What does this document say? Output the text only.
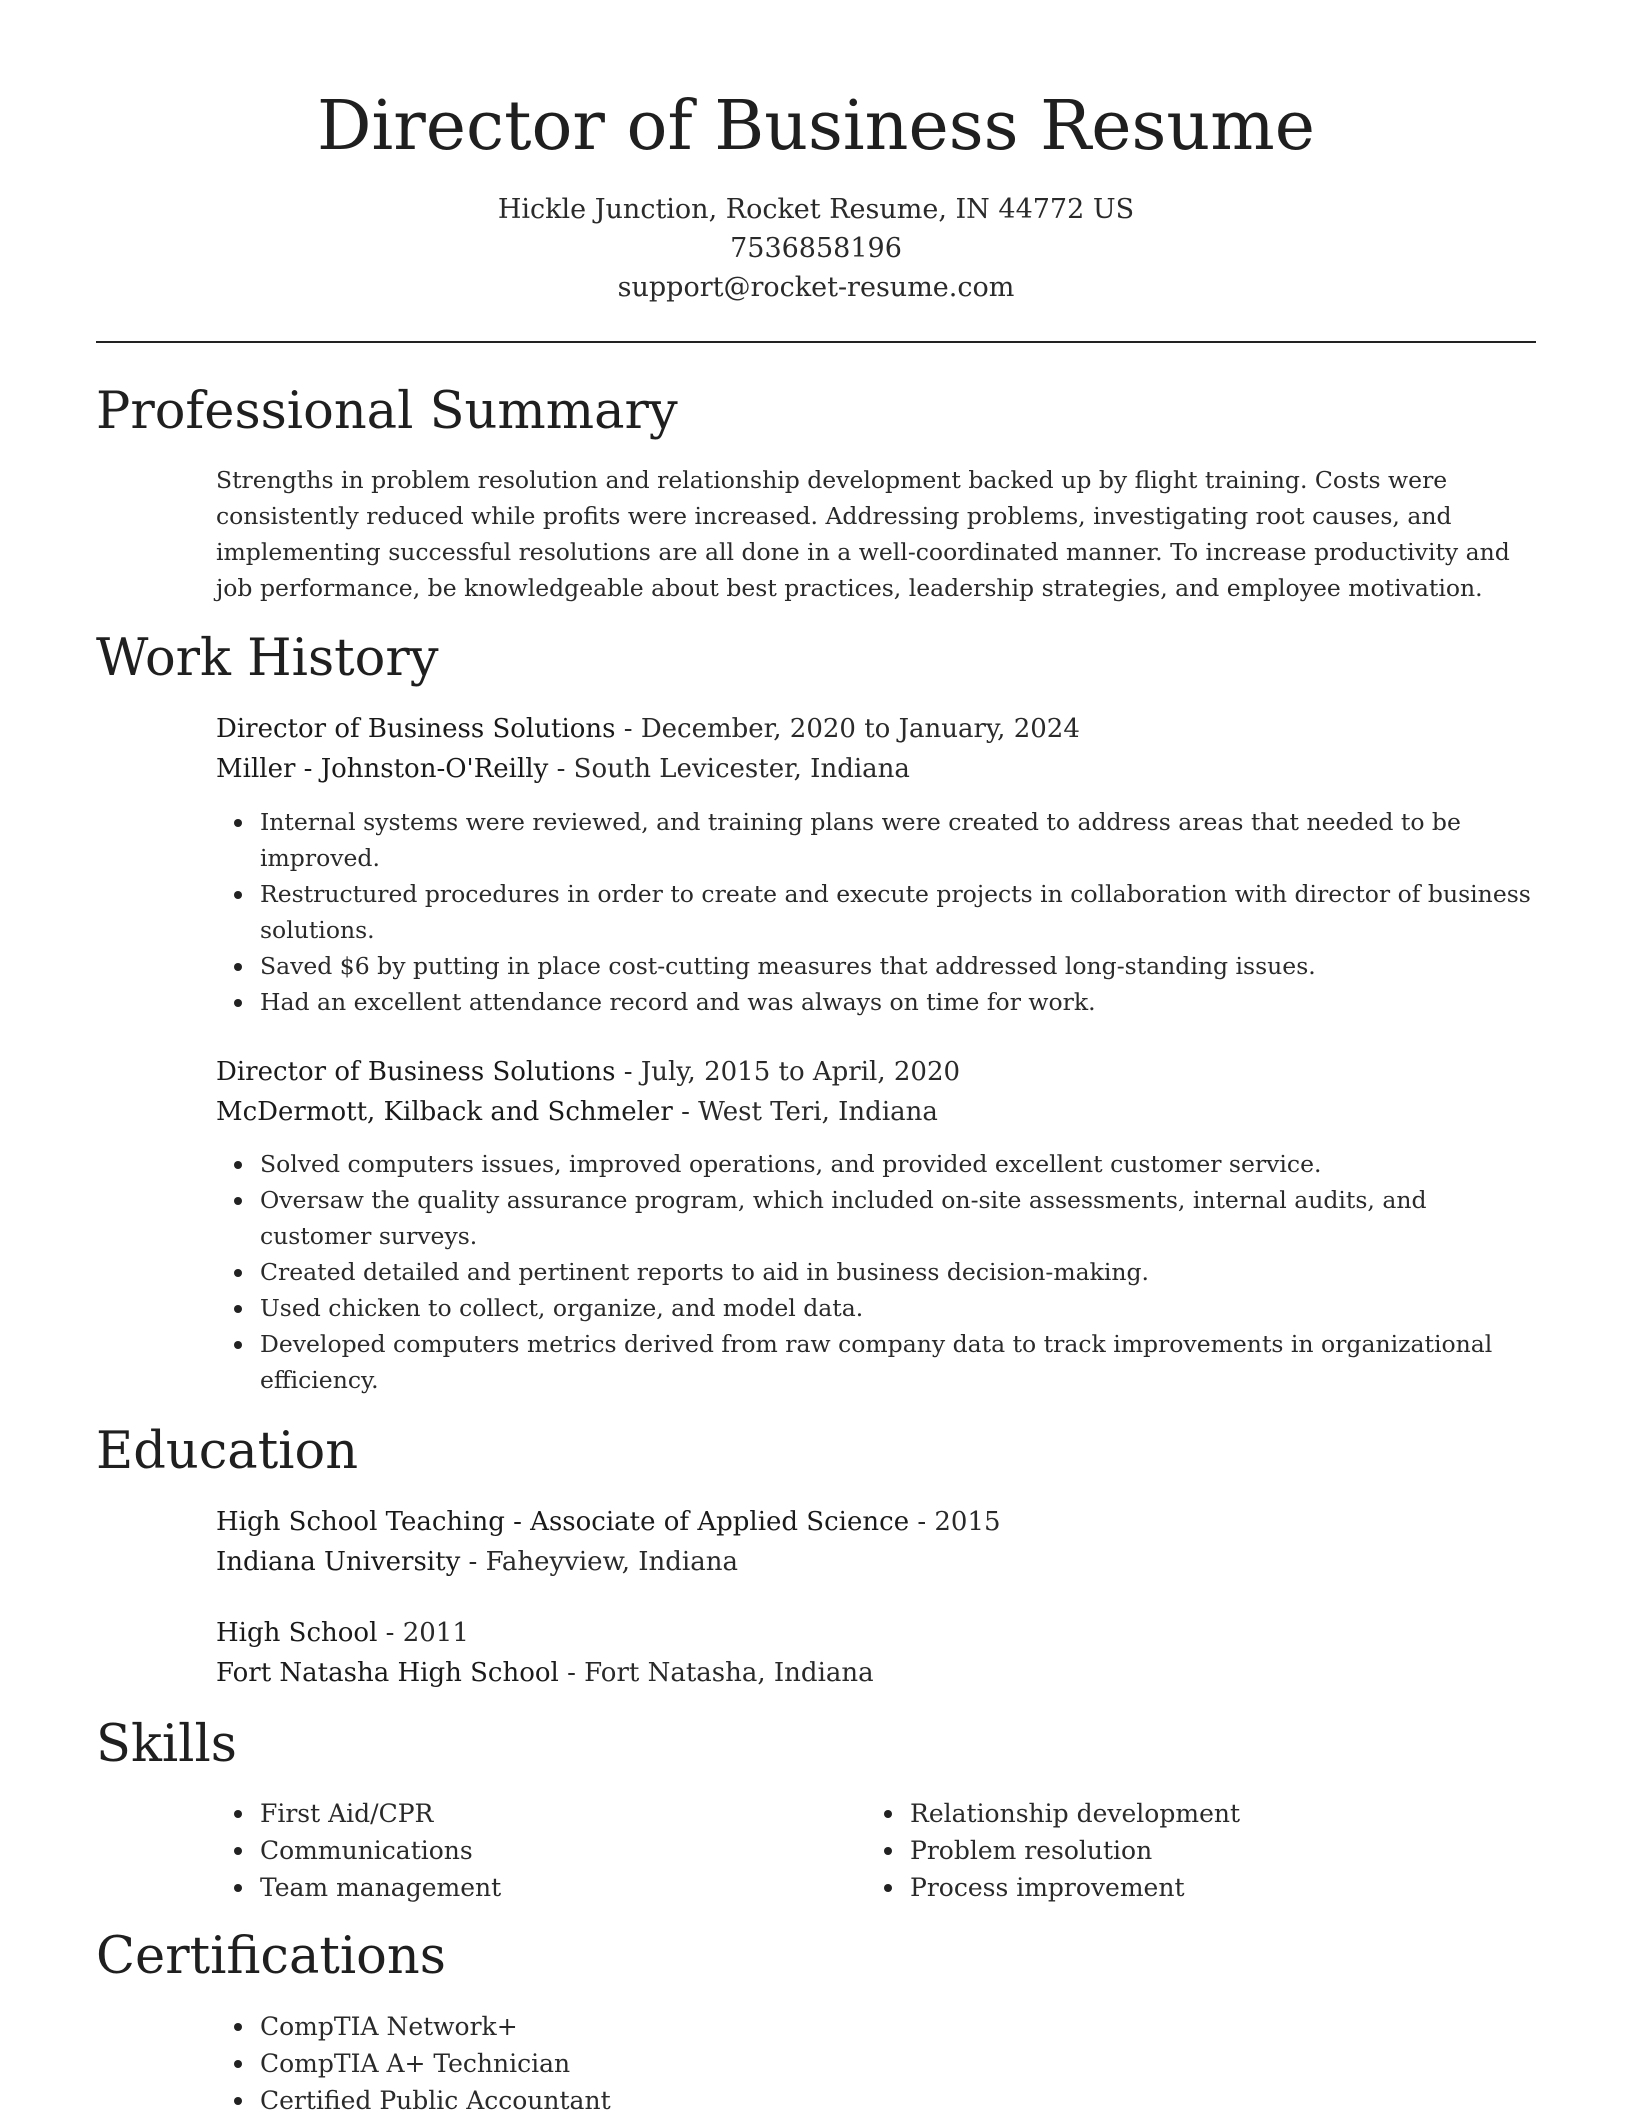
Director of Business Resume
Hickle Junction, Rocket Resume, IN 44772 US
7536858196
support@rocket-resume.com
Professional Summary

Strengths in problem resolution and relationship development backed up by flight training. Costs were consistently reduced while profits were increased. Addressing problems, investigating root causes, and implementing successful resolutions are all done in a well-coordinated manner. To increase productivity and job performance, be knowledgeable about best practices, leadership strategies, and employee motivation.

Work History
Director of Business Solutions - December, 2020 to January, 2024
Miller - Johnston-O'Reilly - South Levicester, Indiana
Internal systems were reviewed, and training plans were created to address areas that needed to be improved.
Restructured procedures in order to create and execute projects in collaboration with director of business solutions.
Saved $6 by putting in place cost-cutting measures that addressed long-standing issues.
Had an excellent attendance record and was always on time for work.
Director of Business Solutions - July, 2015 to April, 2020
McDermott, Kilback and Schmeler - West Teri, Indiana
Solved computers issues, improved operations, and provided excellent customer service.
Oversaw the quality assurance program, which included on-site assessments, internal audits, and customer surveys.
Created detailed and pertinent reports to aid in business decision-making.
Used chicken to collect, organize, and model data.
Developed computers metrics derived from raw company data to track improvements in organizational efficiency.
Education
High School Teaching - Associate of Applied Science - 2015
Indiana University - Faheyview, Indiana
High School - 2011
Fort Natasha High School - Fort Natasha, Indiana
Skills
First Aid/CPR
Communications
Team management
Relationship development
Problem resolution
Process improvement
Certifications
CompTIA Network+
CompTIA A+ Technician
Certified Public Accountant
